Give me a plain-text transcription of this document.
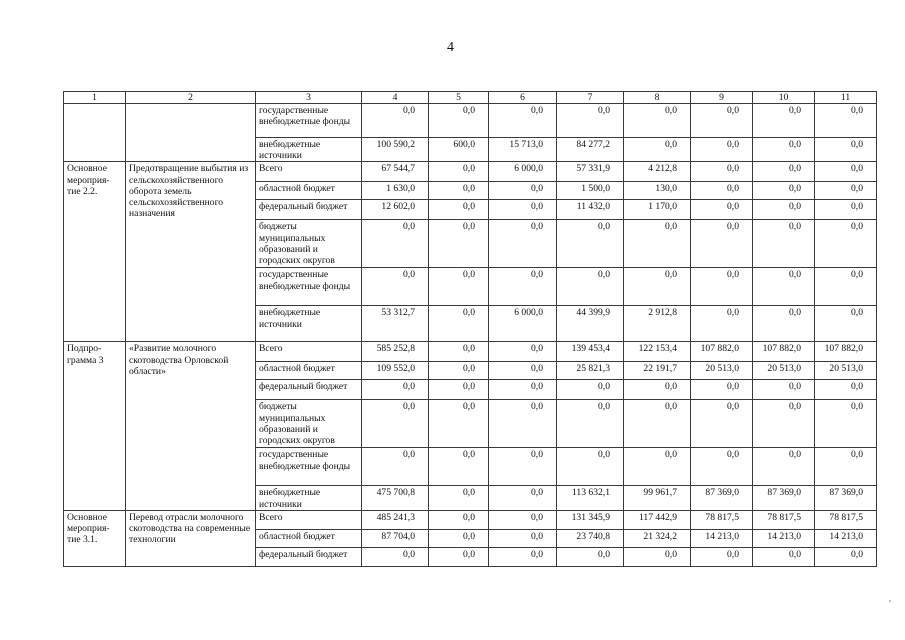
4
1	2	3	4	5	6	7	8	9	10	11
		государственные внебюджетные фонды	0,0	0,0	0,0	0,0	0,0	0,0	0,0	0,0
		внебюджетные источники	100 590,2	600,0	15 713,0	84 277,2	0,0	0,0	0,0	0,0
Основное мероприя-тие 2.2.	Предотвращение выбытия из сельскохозяйственного оборота земель сельскохозяйственного назначения	Всего	67 544,7	0,0	6 000,0	57 331,9	4 212,8	0,0	0,0	0,0
		областной бюджет	1 630,0	0,0	0,0	1 500,0	130,0	0,0	0,0	0,0
		федеральный бюджет	12 602,0	0,0	0,0	11 432,0	1 170,0	0,0	0,0	0,0
		бюджеты муниципальных образований и городских округов	0,0	0,0	0,0	0,0	0,0	0,0	0,0	0,0
		государственные внебюджетные фонды	0,0	0,0	0,0	0,0	0,0	0,0	0,0	0,0
		внебюджетные источники	53 312,7	0,0	6 000,0	44 399,9	2 912,8	0,0	0,0	0,0
Подпро-грамма 3	«Развитие молочного скотоводства Орловской области»	Всего	585 252,8	0,0	0,0	139 453,4	122 153,4	107 882,0	107 882,0	107 882,0
		областной бюджет	109 552,0	0,0	0,0	25 821,3	22 191,7	20 513,0	20 513,0	20 513,0
		федеральный бюджет	0,0	0,0	0,0	0,0	0,0	0,0	0,0	0,0
		бюджеты муниципальных образований и городских округов	0,0	0,0	0,0	0,0	0,0	0,0	0,0	0,0
		государственные внебюджетные фонды	0,0	0,0	0,0	0,0	0,0	0,0	0,0	0,0
		внебюджетные источники	475 700,8	0,0	0,0	113 632,1	99 961,7	87 369,0	87 369,0	87 369,0
Основное мероприя-тие 3.1.	Перевод отрасли молочного скотоводства на современные технологии	Всего	485 241,3	0,0	0,0	131 345,9	117 442,9	78 817,5	78 817,5	78 817,5
		областной бюджет	87 704,0	0,0	0,0	23 740,8	21 324,2	14 213,0	14 213,0	14 213,0
		федеральный бюджет	0,0	0,0	0,0	0,0	0,0	0,0	0,0	0,0
